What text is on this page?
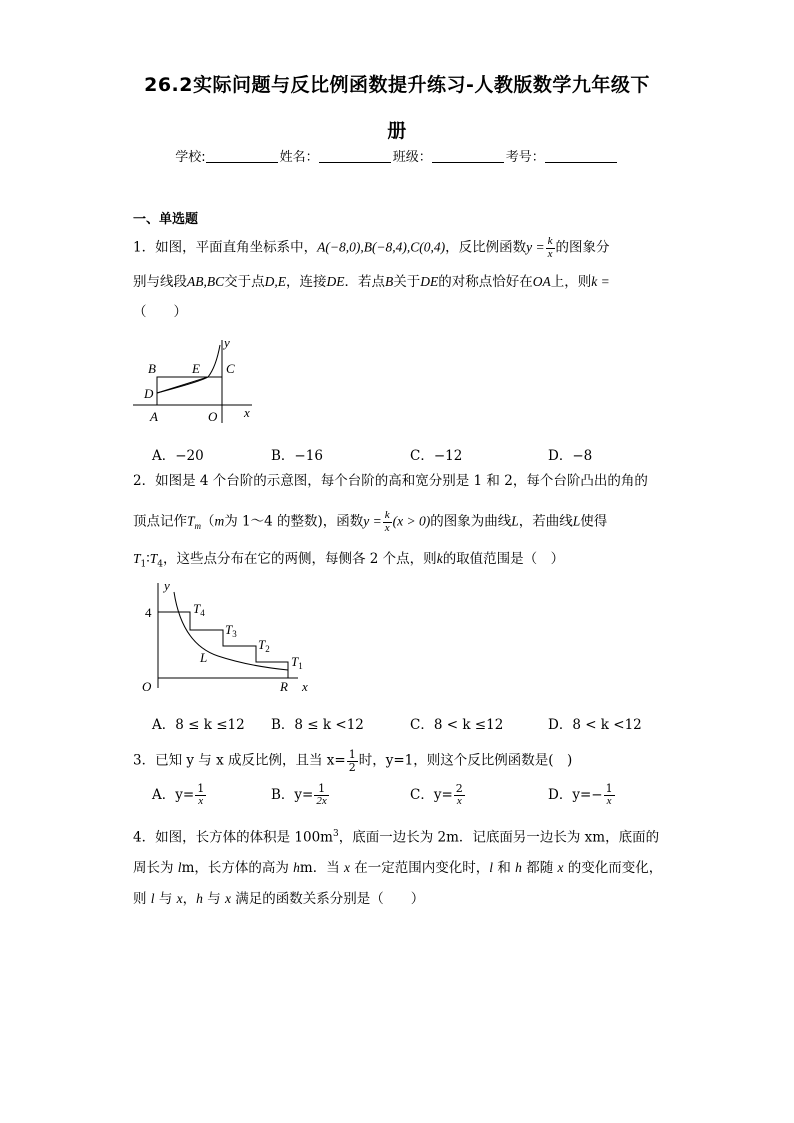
26.2实际问题与反比例函数提升练习-人教版数学九年级下
册
学校:	姓名：	班级：	考号：
一、单选题
1．如图，平面直角坐标系中，A(−8,0),B(−8,4),C(0,4)，反比例函数$y = \frac{k}{x}$ 的图象分
别与线段AB,BC交于点D,E，连接DE．若点B关于DE的对称点恰好在OA上，则k =
（　　）
B	E C
D
A	O x
y
A．−20	B．−16	C．−12	D．−8
2．如图是 4 个台阶的示意图，每个台阶的高和宽分别是 1 和 2，每个台阶凸出的角的
顶点记作$T_m(m$为 1～4 的整数)，函数$y = \frac{k}{x} (x > 0)$的图象为曲线L，若曲线L使得
$T_1∶T_4$，这些点分布在它的两侧，每侧各 2 个点，则k的取值范围是（　）
y
4
O	R x
L
$T_4$
$T_3$
$T_2$
$T_1$
A．8 ≤ k ≤12 B．8 ≤ k <12	C．8 < k ≤12	D．8 < k <12
3．已知 y 与 x 成反比例，且当 $x= \frac{1}{2}$ 时，y=1，则这个反比例函数是(　)
A．$y= \frac{1}{x}$	B．$y= \frac{1}{2x}$	C．$y= \frac{2}{x}$	D．$y=- \frac{1}{x}$
4．如图，长方体的体积是 $100m^3$，底面一边长为 2m．记底面另一边长为 xm，底面的
周长为 lm，长方体的高为 hm．当 x 在一定范围内变化时，l 和 h 都随 x 的变化而变化，
则 l 与 x，h 与 x 满足的函数关系分别是（　　）
